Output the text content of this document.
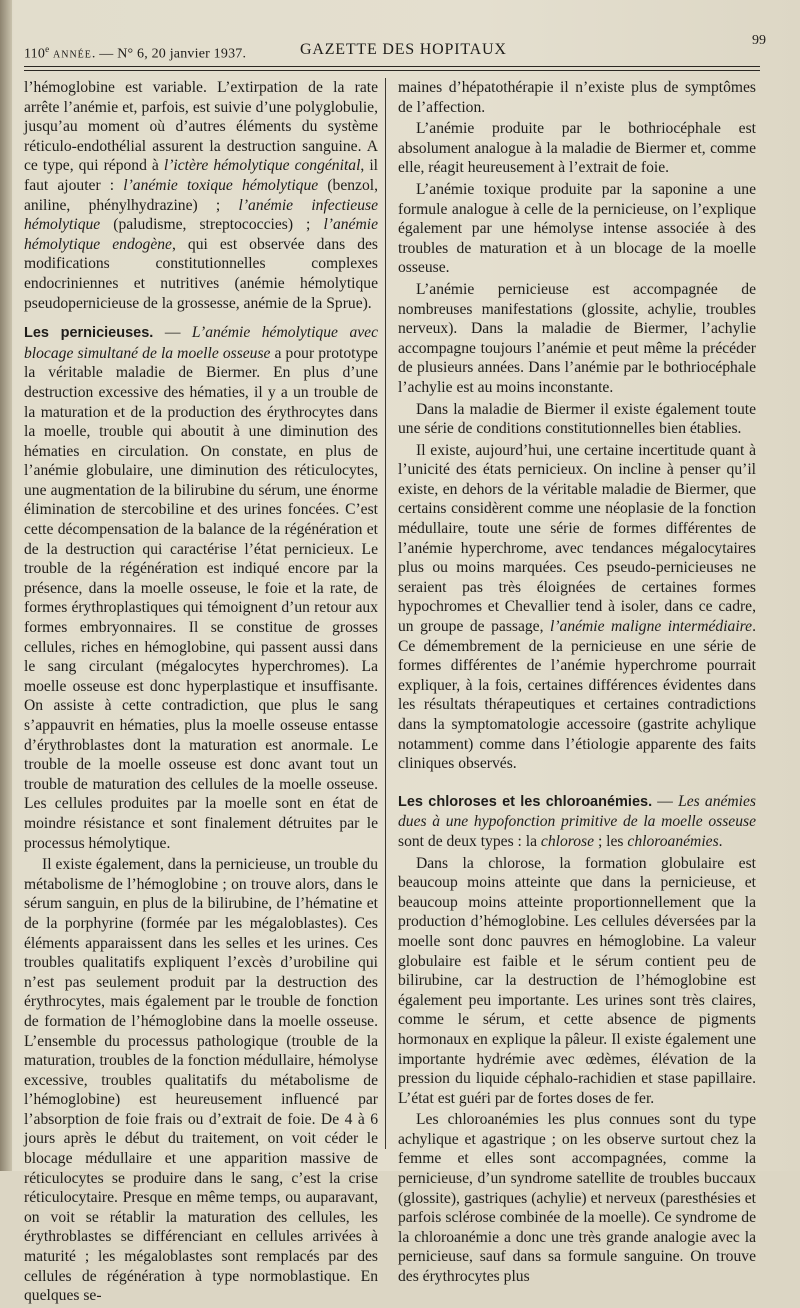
110e ANNÉE. — N° 6, 20 janvier 1937.	GAZETTE DES HOPITAUX
99

l’hémoglobine est variable. L’extirpation de la rate arrête l’anémie et, parfois, est suivie d’une polyglobulie, jusqu’au moment où d’autres éléments du système réticulo-endothélial assurent la destruction sanguine. A ce type, qui répond à l’ictère hémolytique congénital, il faut ajouter : l’anémie toxique hémolytique (benzol, aniline, phénylhydrazine) ; l’anémie infectieuse hémolytique (paludisme, streptococcies) ; l’anémie hémolytique endogène, qui est observée dans des modifications constitutionnelles complexes endocriniennes et nutritives (anémie hémolytique pseudopernicieuse de la grossesse, anémie de la Sprue).

Les pernicieuses. — L’anémie hémolytique avec blocage simultané de la moelle osseuse a pour prototype la véritable maladie de Biermer. En plus d’une destruction excessive des hématies, il y a un trouble de la maturation et de la production des érythrocytes dans la moelle, trouble qui aboutit à une diminution des hématies en circulation. On constate, en plus de l’anémie globulaire, une diminution des réticulocytes, une augmentation de la bilirubine du sérum, une énorme élimination de stercobiline et des urines foncées. C’est cette décompensation de la balance de la régénération et de la destruction qui caractérise l’état pernicieux. Le trouble de la régénération est indiqué encore par la présence, dans la moelle osseuse, le foie et la rate, de formes érythroplastiques qui témoignent d’un retour aux formes embryonnaires. Il se constitue de grosses cellules, riches en hémoglobine, qui passent aussi dans le sang circulant (mégalocytes hyperchromes). La moelle osseuse est donc hyperplastique et insuffisante. On assiste à cette contradiction, que plus le sang s’appauvrit en hématies, plus la moelle osseuse entasse d’érythroblastes dont la maturation est anormale. Le trouble de la moelle osseuse est donc avant tout un trouble de maturation des cellules de la moelle osseuse. Les cellules produites par la moelle sont en état de moindre résistance et sont finalement détruites par le processus hémolytique.

Il existe également, dans la pernicieuse, un trouble du métabolisme de l’hémoglobine ; on trouve alors, dans le sérum sanguin, en plus de la bilirubine, de l’hématine et de la porphyrine (formée par les mégaloblastes). Ces éléments apparaissent dans les selles et les urines. Ces troubles qualitatifs expliquent l’excès d’urobiline qui n’est pas seulement produit par la destruction des érythrocytes, mais également par le trouble de fonction de formation de l’hémoglobine dans la moelle osseuse. L’ensemble du processus pathologique (trouble de la maturation, troubles de la fonction médullaire, hémolyse excessive, troubles qualitatifs du métabolisme de l’hémoglobine) est heureusement influencé par l’absorption de foie frais ou d’extrait de foie. De 4 à 6 jours après le début du traitement, on voit céder le blocage médullaire et une apparition massive de réticulocytes se produire dans le sang, c’est la crise réticulocytaire. Presque en même temps, ou auparavant, on voit se rétablir la maturation des cellules, les érythroblastes se différenciant en cellules arrivées à maturité ; les mégaloblastes sont remplacés par des cellules de régénération à type normoblastique. En quelques se-

maines d’hépatothérapie il n’existe plus de symptômes de l’affection.

L’anémie produite par le bothriocéphale est absolument analogue à la maladie de Biermer et, comme elle, réagit heureusement à l’extrait de foie.

L’anémie toxique produite par la saponine a une formule analogue à celle de la pernicieuse, on l’explique également par une hémolyse intense associée à des troubles de maturation et à un blocage de la moelle osseuse.

L’anémie pernicieuse est accompagnée de nombreuses manifestations (glossite, achylie, troubles nerveux). Dans la maladie de Biermer, l’achylie accompagne toujours l’anémie et peut même la précéder de plusieurs années. Dans l’anémie par le bothriocéphale l’achylie est au moins inconstante.

Dans la maladie de Biermer il existe également toute une série de conditions constitutionnelles bien établies.

Il existe, aujourd’hui, une certaine incertitude quant à l’unicité des états pernicieux. On incline à penser qu’il existe, en dehors de la véritable maladie de Biermer, que certains considèrent comme une néoplasie de la fonction médullaire, toute une série de formes différentes de l’anémie hyperchrome, avec tendances mégalocytaires plus ou moins marquées. Ces pseudo-pernicieuses ne seraient pas très éloignées de certaines formes hypochromes et Chevallier tend à isoler, dans ce cadre, un groupe de passage, l’anémie maligne intermédiaire. Ce démembrement de la pernicieuse en une série de formes différentes de l’anémie hyperchrome pourrait expliquer, à la fois, certaines différences évidentes dans les résultats thérapeutiques et certaines contradictions dans la symptomatologie accessoire (gastrite achylique notamment) comme dans l’étiologie apparente des faits cliniques observés.

Les chloroses et les chloroanémies. — Les anémies dues à une hypofonction primitive de la moelle osseuse sont de deux types : la chlorose ; les chloroanémies.

Dans la chlorose, la formation globulaire est beaucoup moins atteinte que dans la pernicieuse, et beaucoup moins atteinte proportionnellement que la production d’hémoglobine. Les cellules déversées par la moelle sont donc pauvres en hémoglobine. La valeur globulaire est faible et le sérum contient peu de bilirubine, car la destruction de l’hémoglobine est également peu importante. Les urines sont très claires, comme le sérum, et cette absence de pigments hormonaux en explique la pâleur. Il existe également une importante hydrémie avec œdèmes, élévation de la pression du liquide céphalo-rachidien et stase papillaire. L’état est guéri par de fortes doses de fer.

Les chloroanémies les plus connues sont du type achylique et agastrique ; on les observe surtout chez la femme et elles sont accompagnées, comme la pernicieuse, d’un syndrome satellite de troubles buccaux (glossite), gastriques (achylie) et nerveux (paresthésies et parfois sclérose combinée de la moelle). Ce syndrome de la chloroanémie a donc une très grande analogie avec la pernicieuse, sauf dans sa formule sanguine. On trouve des érythrocytes plus
